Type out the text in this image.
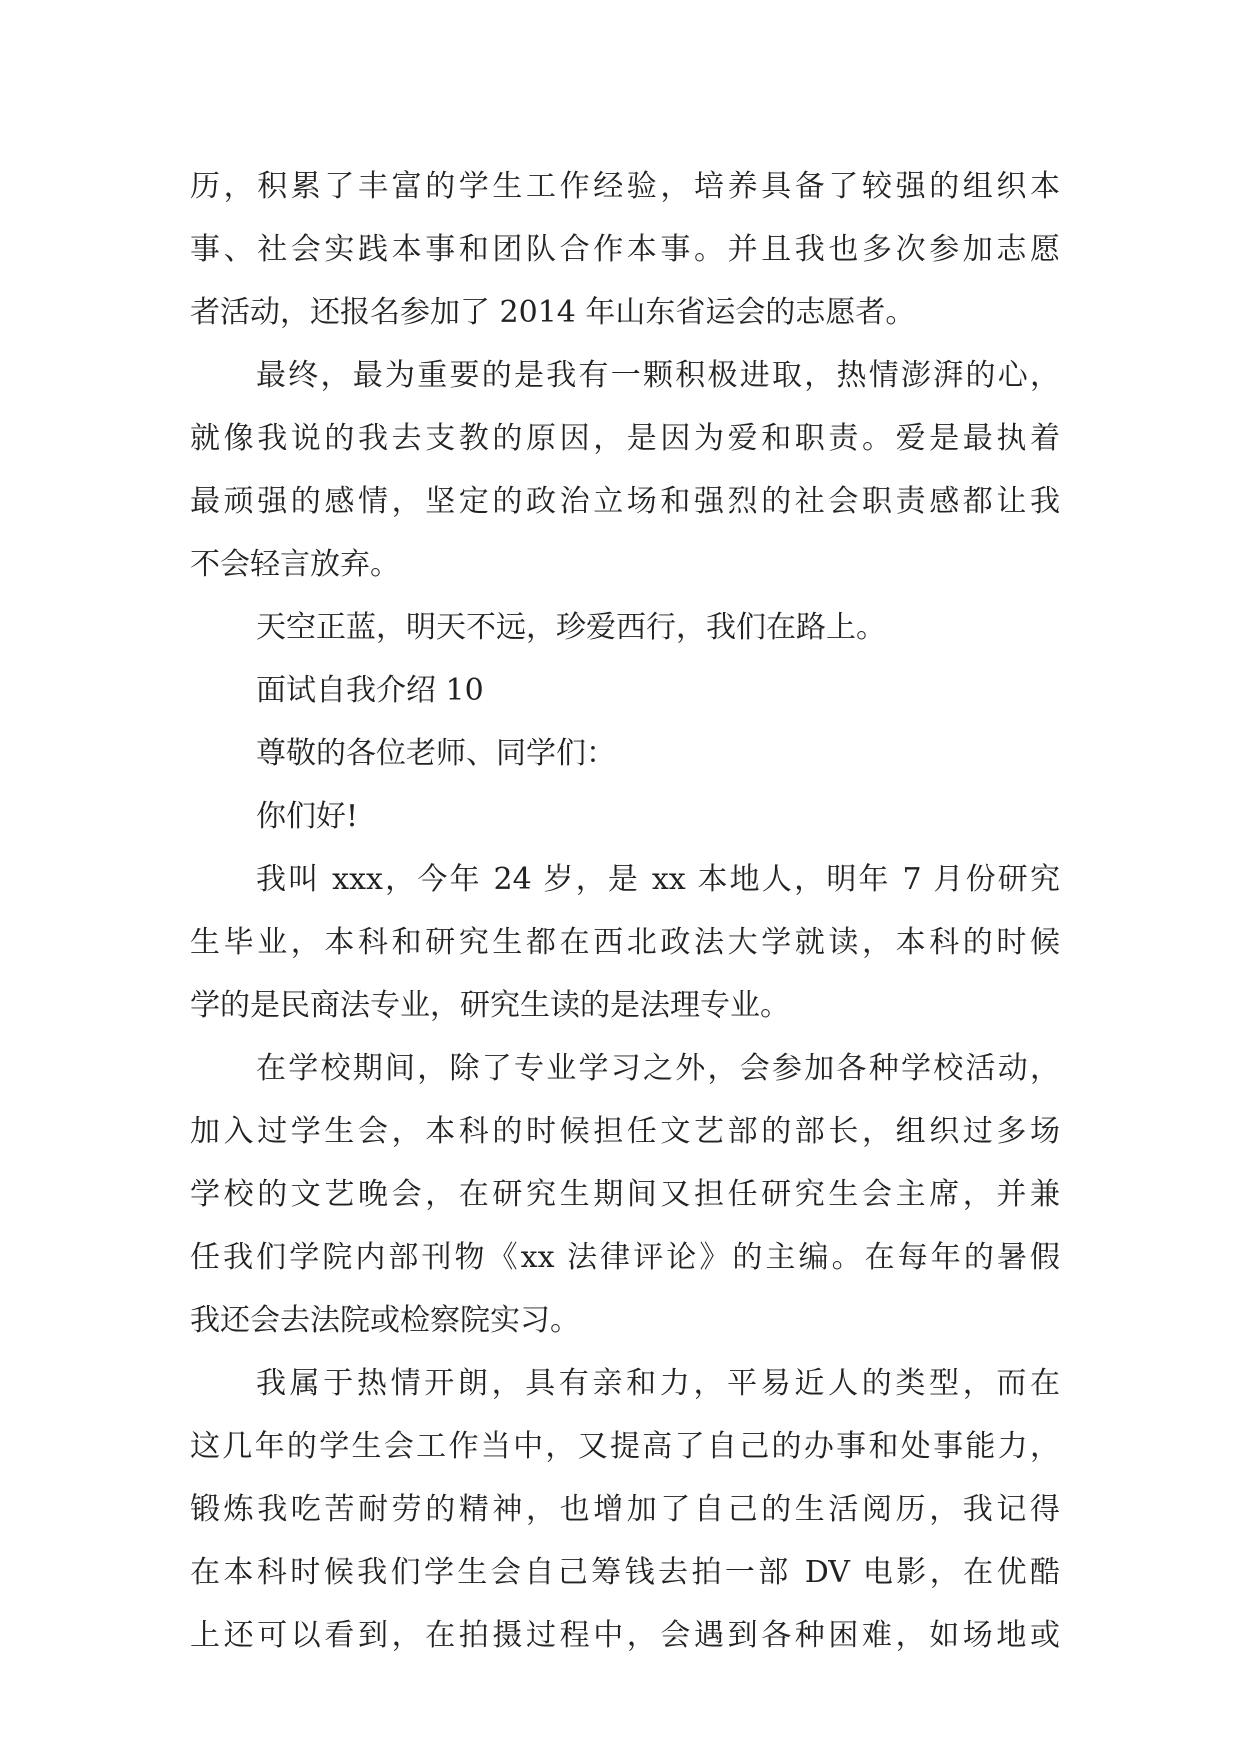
历，积累了丰富的学生工作经验，培养具备了较强的组织本
事、社会实践本事和团队合作本事。并且我也多次参加志愿
者活动，还报名参加了 2014 年山东省运会的志愿者。
最终，最为重要的是我有一颗积极进取，热情澎湃的心，
就像我说的我去支教的原因，是因为爱和职责。爱是最执着
最顽强的感情，坚定的政治立场和强烈的社会职责感都让我
不会轻言放弃。
天空正蓝，明天不远，珍爱西行，我们在路上。
面试自我介绍 10
尊敬的各位老师、同学们：
你们好!
我叫 xxx，今年 24 岁，是 xx 本地人，明年 7 月份研究
生毕业，本科和研究生都在西北政法大学就读，本科的时候
学的是民商法专业，研究生读的是法理专业。
在学校期间，除了专业学习之外，会参加各种学校活动，
加入过学生会，本科的时候担任文艺部的部长，组织过多场
学校的文艺晚会，在研究生期间又担任研究生会主席，并兼
任我们学院内部刊物《xx 法律评论》的主编。在每年的暑假
我还会去法院或检察院实习。
我属于热情开朗，具有亲和力，平易近人的类型，而在
这几年的学生会工作当中，又提高了自己的办事和处事能力，
锻炼我吃苦耐劳的精神，也增加了自己的生活阅历，我记得
在本科时候我们学生会自己筹钱去拍一部 DV 电影，在优酷
上还可以看到，在拍摄过程中，会遇到各种困难，如场地或
